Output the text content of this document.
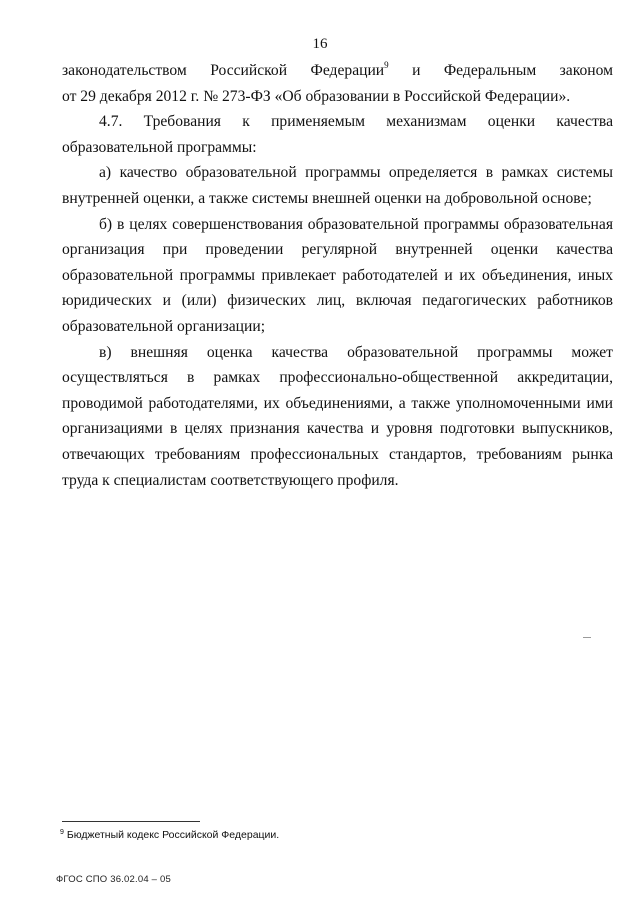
16
законодательством Российской Федерации$^9$ и Федеральным законом
от 29 декабря 2012 г. № 273-ФЗ «Об образовании в Российской Федерации».

4.7. Требования к применяемым механизмам оценки качества образовательной программы:

а) качество образовательной программы определяется в рамках системы внутренней оценки, а также системы внешней оценки на добровольной основе;

б) в целях совершенствования образовательной программы образовательная организация при проведении регулярной внутренней оценки качества образовательной программы привлекает работодателей и их объединения, иных юридических и (или) физических лиц, включая педагогических работников образовательной организации;

в) внешняя оценка качества образовательной программы может осуществляться в рамках профессионально-общественной аккредитации, проводимой работодателями, их объединениями, а также уполномоченными ими организациями в целях признания качества и уровня подготовки выпускников, отвечающих требованиям профессиональных стандартов, требованиям рынка труда к специалистам соответствующего профиля.

$^9$ Бюджетный кодекс Российской Федерации.
ФГОС СПО 36.02.04 – 05
